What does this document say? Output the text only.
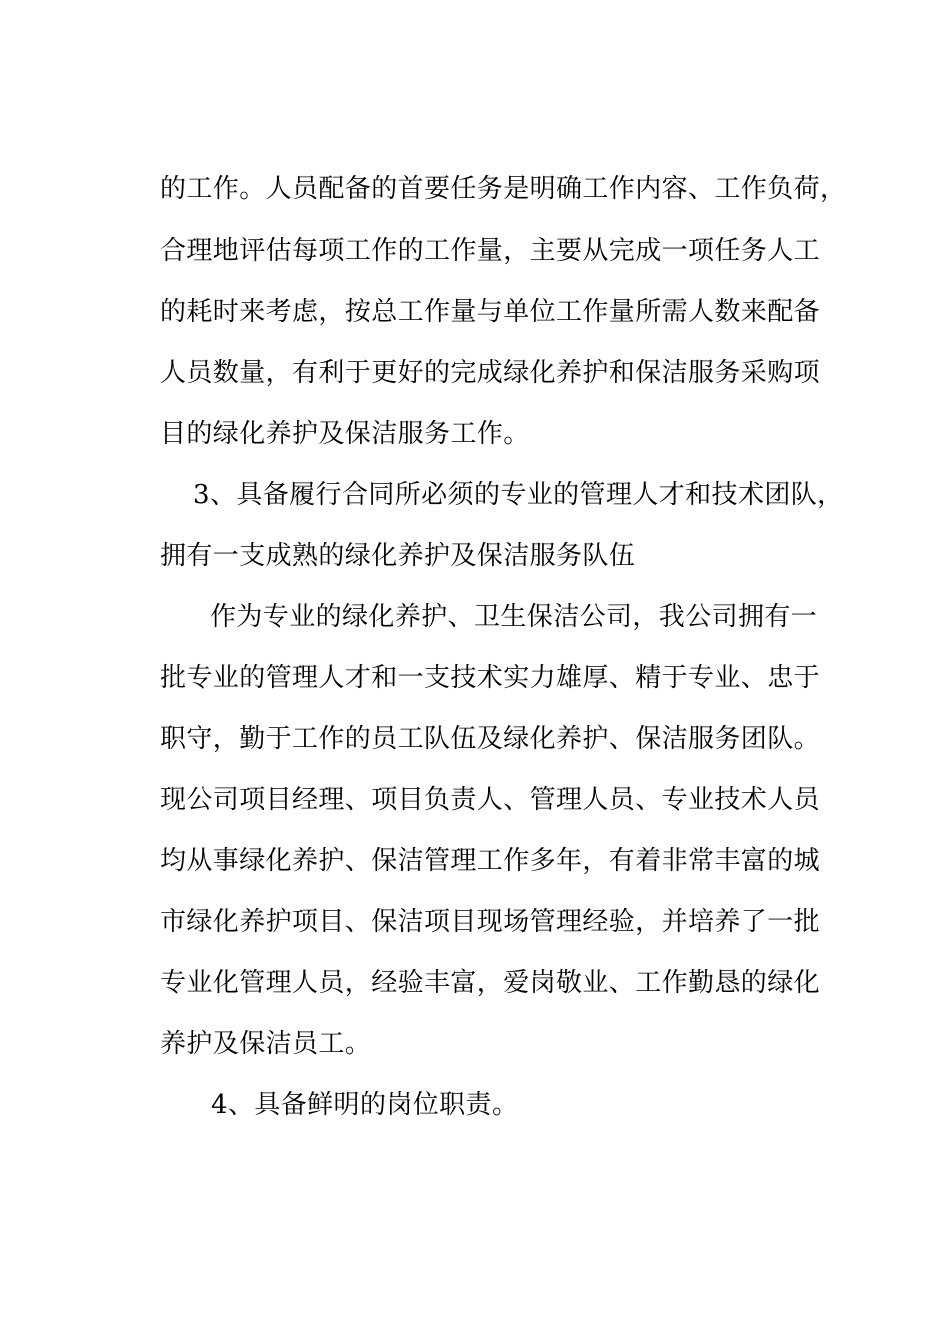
的工作。人员配备的首要任务是明确工作内容、工作负荷，
合理地评估每项工作的工作量，主要从完成一项任务人工
的耗时来考虑，按总工作量与单位工作量所需人数来配备
人员数量，有利于更好的完成绿化养护和保洁服务采购项
目的绿化养护及保洁服务工作。
3、具备履行合同所必须的专业的管理人才和技术团队，
拥有一支成熟的绿化养护及保洁服务队伍
作为专业的绿化养护、卫生保洁公司，我公司拥有一
批专业的管理人才和一支技术实力雄厚、精于专业、忠于
职守，勤于工作的员工队伍及绿化养护、保洁服务团队。
现公司项目经理、项目负责人、管理人员、专业技术人员
均从事绿化养护、保洁管理工作多年，有着非常丰富的城
市绿化养护项目、保洁项目现场管理经验，并培养了一批
专业化管理人员，经验丰富，爱岗敬业、工作勤恳的绿化
养护及保洁员工。
4、具备鲜明的岗位职责。
